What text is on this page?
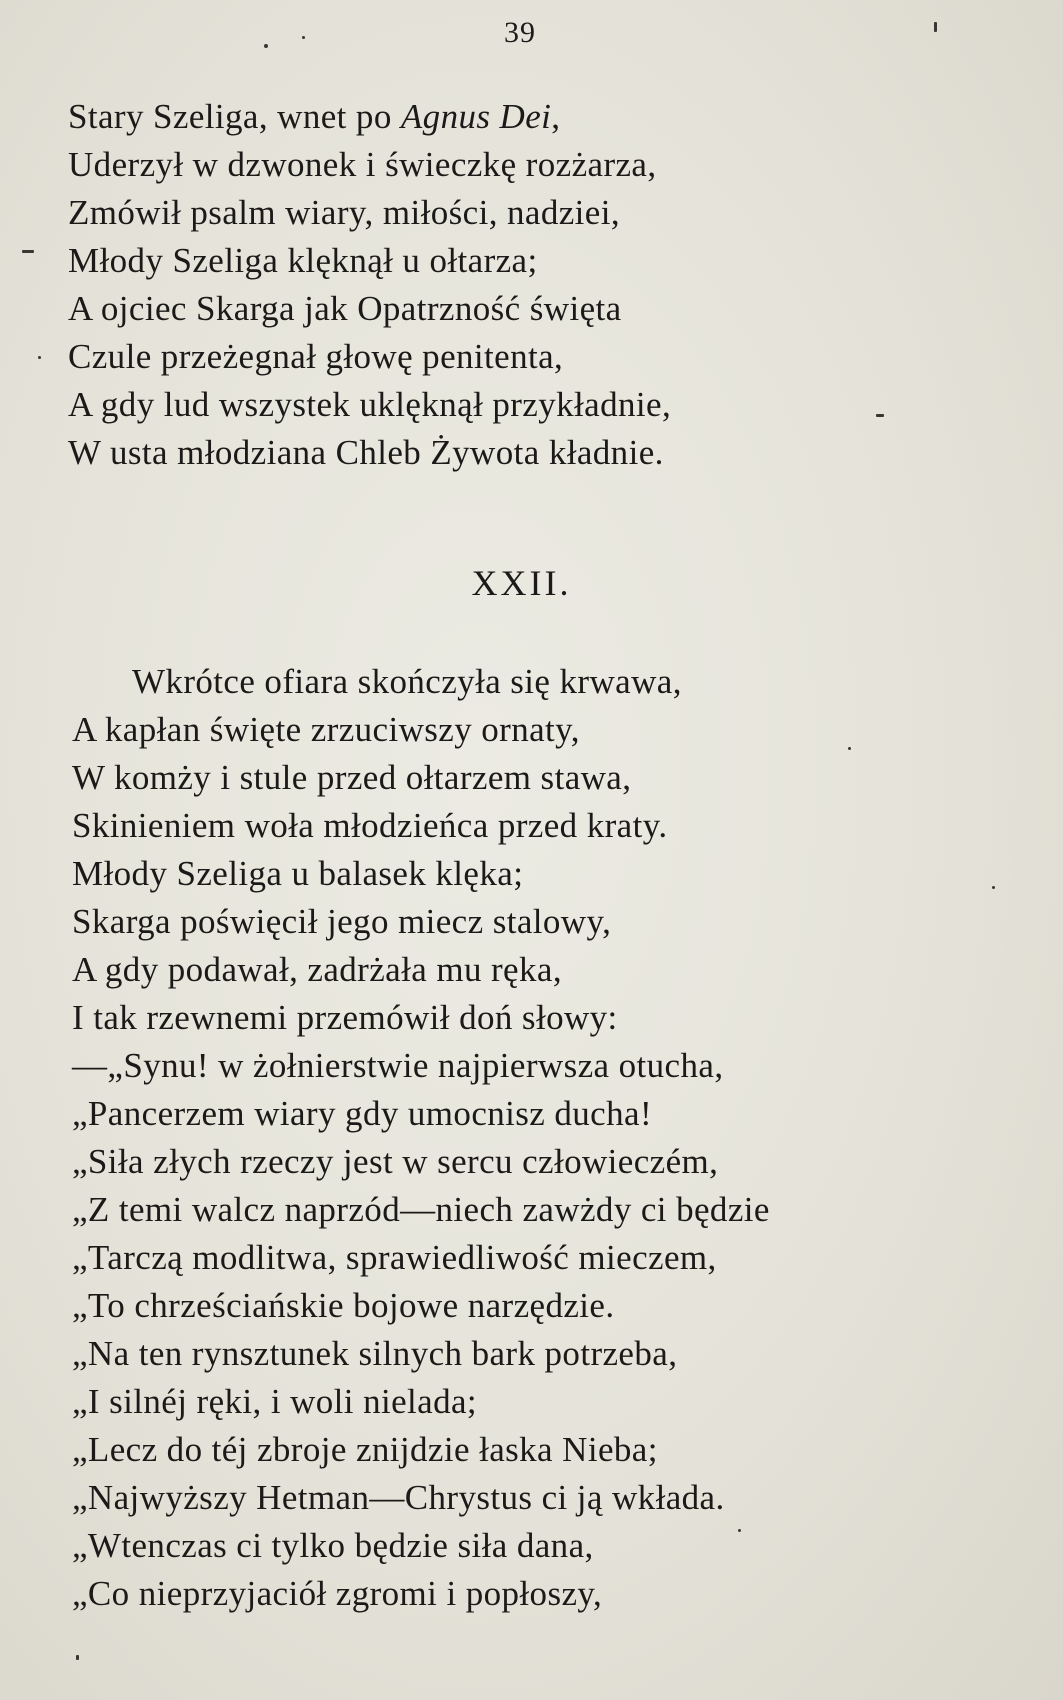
39
Stary Szeliga, wnet po Agnus Dei,
Uderzył w dzwonek i świeczkę rozżarza,
Zmówił psalm wiary, miłości, nadziei,
Młody Szeliga klęknął u ołtarza;
A ojciec Skarga jak Opatrzność święta
Czule przeżegnał głowę penitenta,
A gdy lud wszystek uklęknął przykładnie,
W usta młodziana Chleb Żywota kładnie.
XXII.
Wkrótce ofiara skończyła się krwawa,
A kapłan święte zrzuciwszy ornaty,
W komży i stule przed ołtarzem stawa,
Skinieniem woła młodzieńca przed kraty.
Młody Szeliga u balasek klęka;
Skarga poświęcił jego miecz stalowy,
A gdy podawał, zadrżała mu ręka,
I tak rzewnemi przemówił doń słowy:
—„Synu! w żołnierstwie najpierwsza otucha,
„Pancerzem wiary gdy umocnisz ducha!
„Siła złych rzeczy jest w sercu człowieczém,
„Z temi walcz naprzód—niech zawżdy ci będzie
„Tarczą modlitwa, sprawiedliwość mieczem,
„To chrześciańskie bojowe narzędzie.
„Na ten rynsztunek silnych bark potrzeba,
„I silnéj ręki, i woli nielada;
„Lecz do téj zbroje znijdzie łaska Nieba;
„Najwyższy Hetman—Chrystus ci ją wkłada.
„Wtenczas ci tylko będzie siła dana,
„Co nieprzyjaciół zgromi i popłoszy,
